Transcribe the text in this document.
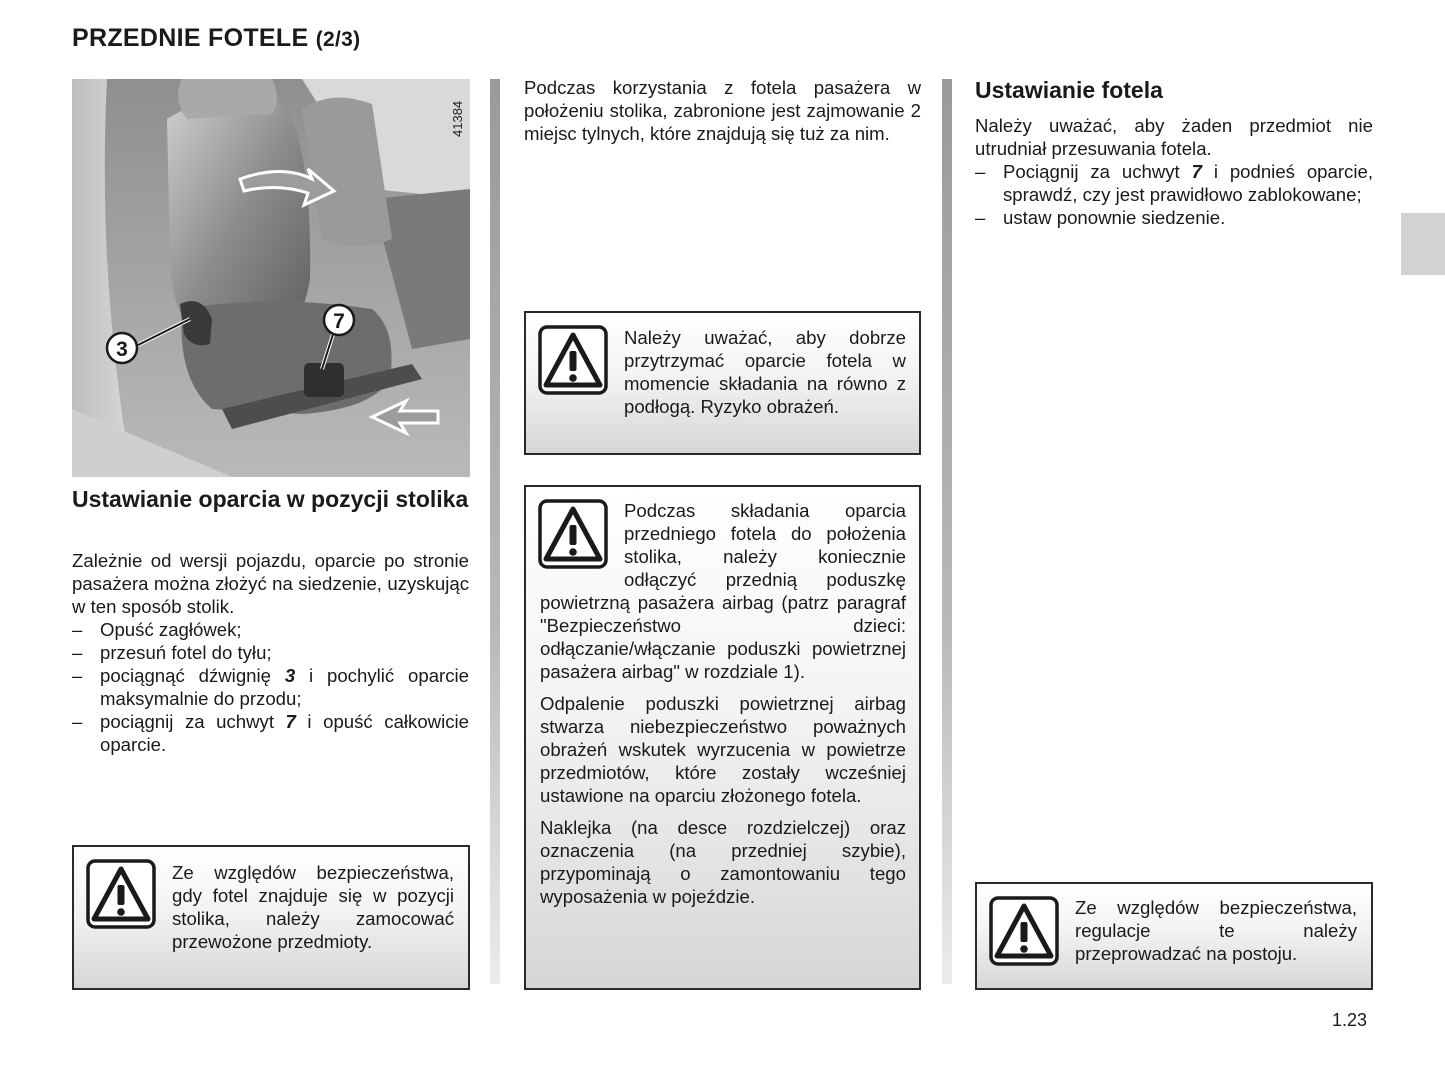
PRZEDNIE FOTELE (2/3)
3
7
41384
Ustawianie oparcia w pozycji stolika

Zależnie od wersji pojazdu, oparcie po stronie pasażera można złożyć na siedzenie, uzyskując w ten sposób stolik.

– Opuść zagłówek;
– przesuń fotel do tyłu;
– pociągnąć dźwignię 3 i pochylić oparcie maksymalnie do przodu;
– pociągnij za uchwyt 7 i opuść całkowicie oparcie.
Ze względów bezpieczeństwa, gdy fotel znajduje się w pozycji stolika, należy zamocować przewożone przedmioty.
Podczas korzystania z fotela pasażera w położeniu stolika, zabronione jest zajmowanie 2 miejsc tylnych, które znajdują się tuż za nim.
Należy uważać, aby dobrze przytrzymać oparcie fotela w momencie składania na równo z podłogą. Ryzyko obrażeń.

Podczas składania oparcia przedniego fotela do położenia stolika, należy koniecznie odłączyć przednią poduszkę powietrzną pasażera airbag (patrz paragraf "Bezpieczeństwo dzieci: odłączanie/włączanie poduszki powietrznej pasażera airbag" w rozdziale 1).

Odpalenie poduszki powietrznej airbag stwarza niebezpieczeństwo poważnych obrażeń wskutek wyrzucenia w powietrze przedmiotów, które zostały wcześniej ustawione na oparciu złożonego fotela.

Naklejka (na desce rozdzielczej) oraz oznaczenia (na przedniej szybie), przypominają o zamontowaniu tego wyposażenia w pojeździe.

Ustawianie fotela

Należy uważać, aby żaden przedmiot nie utrudniał przesuwania fotela.

– Pociągnij za uchwyt 7 i podnieś oparcie, sprawdź, czy jest prawidłowo zablokowane;
– ustaw ponownie siedzenie.
Ze względów bezpieczeństwa, regulacje te należy przeprowadzać na postoju.
1.23
